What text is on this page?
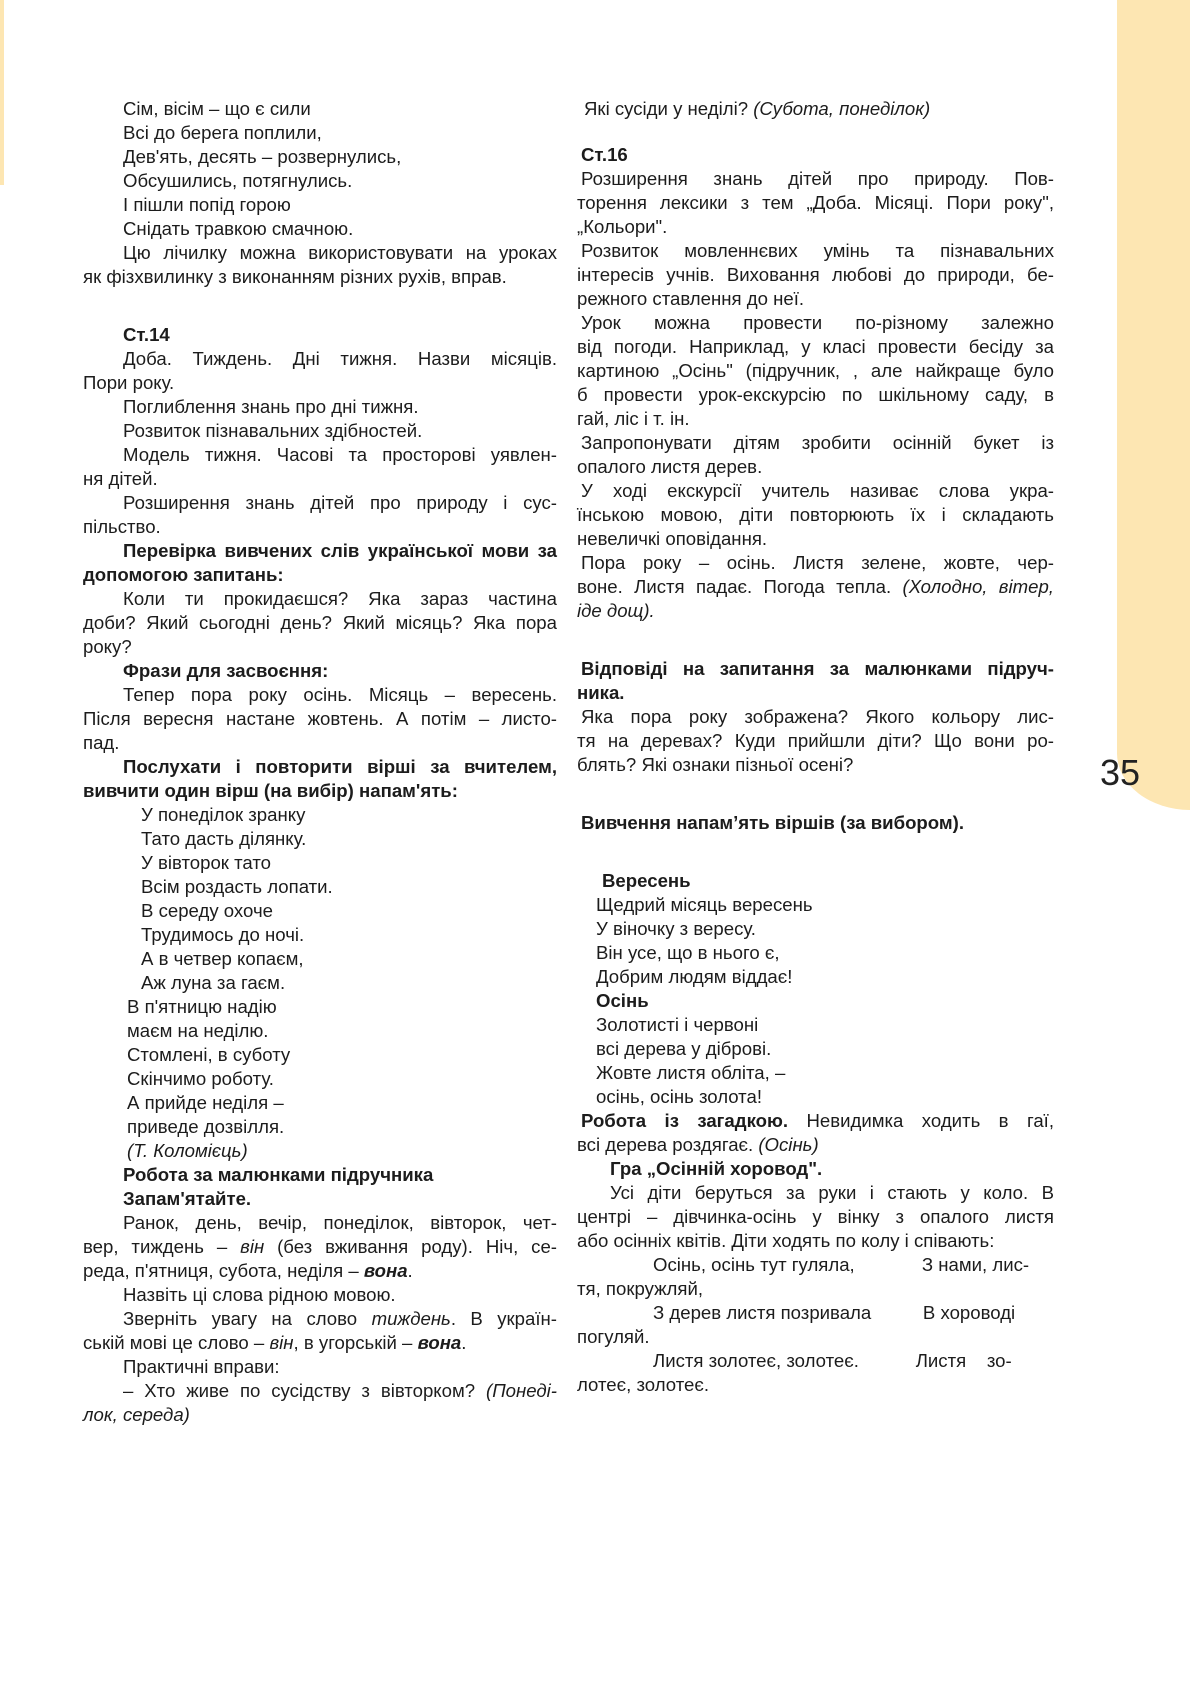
35

Сім, вісім – що є сили

Всі до берега поплили,

Дев'ять, десять – розвернулись,

Обсушились, потягнулись.

І пішли попід горою

Снідать травкою смачною.

Цю лічилку можна використовувати на уроках

як фізхвилинку з виконанням різних рухів, вправ.

Ст.14

Доба. Тиждень. Дні тижня. Назви місяців.

Пори року.

Поглиблення знань про дні тижня.

Розвиток пізнавальних здібностей.

Модель тижня. Часові та просторові уявлен-

ня дітей.

Розширення знань дітей про природу і сус-

пільство.

Перевірка вивчених слів української мови за

допомогою запитань:

Коли ти прокидаєшся? Яка зараз частина

доби? Який сьогодні день? Який місяць? Яка пора

року?

Фрази для засвоєння:

Тепер пора року осінь. Місяць – вересень.

Після вересня настане жовтень. А потім – листо-

пад.

Послухати і повторити вірші за вчителем,

вивчити один вірш (на вибір) напам'ять:

У понеділок зранку

Тато дасть ділянку.

У вівторок тато

Всім роздасть лопати.

В середу охоче

Трудимось до ночі.

А в четвер копаєм,

Аж луна за гаєм.

В п'ятницю надію

маєм на неділю.

Стомлені, в суботу

Скінчимо роботу.

А прийде неділя –

приведе дозвілля.

(Т. Коломієць)

Робота за малюнками підручника

Запам'ятайте.

Ранок, день, вечір, понеділок, вівторок, чет-

вер, тиждень – він (без вживання роду). Ніч, се-

реда, п'ятниця, субота, неділя – вона.

Назвіть ці слова рідною мовою.

Зверніть увагу на слово тиждень. В україн-

ській мові це слово – він, в угорській – вона.

Практичні вправи:

– Хто живе по сусідству з вівторком? (Понеді-

лок, середа)

Які сусіди у неділі? (Субота, понеділок)

Ст.16

Розширення знань дітей про природу. Пов-

торення лексики з тем „Доба. Місяці. Пори року",

„Кольори".

Розвиток мовленнєвих умінь та пізнавальних

інтересів учнів. Виховання любові до природи, бе-

режного ставлення до неї.

Урок можна провести по-різному залежно

від погоди. Наприклад, у класі провести бесіду за

картиною „Осінь" (підручник, , але найкраще було

б провести урок-екскурсію по шкільному саду, в

гай, ліс і т. ін.

Запропонувати дітям зробити осінній букет із

опалого листя дерев.

У ході екскурсії учитель називає слова укра-

їнською мовою, діти повторюють їх і складають

невеличкі оповідання.

Пора року – осінь. Листя зелене, жовте, чер-

воне. Листя падає. Погода тепла. (Холодно, вітер,

іде дощ).

Відповіді на запитання за малюнками підруч-

ника.

Яка пора року зображена? Якого кольору лис-

тя на деревах? Куди прийшли діти? Що вони ро-

блять? Які ознаки пізньої осені?

Вивчення напам’ять віршів (за вибором).

Вересень

Щедрий місяць вересень

У віночку з вересу.

Він усе, що в нього є,

Добрим людям віддає!

Осінь

Золотисті і червоні

всі дерева у діброві.

Жовте листя обліта, –

осінь, осінь золота!

Робота із загадкою. Невидимка ходить в гаї,

всі дерева роздягає. (Осінь)

Гра „Осінній хоровод".

Усі діти беруться за руки і стають у коло. В

центрі – дівчинка-осінь у вінку з опалого листя

або осінніх квітів. Діти ходять по колу і співають:

Осінь, осінь тут гуляла,             З нами, лис-

тя, покружляй,

З дерев листя позривала          В хороводі

погуляй.

Листя золотеє, золотеє.           Листя    зо-

лотеє, золотеє.
